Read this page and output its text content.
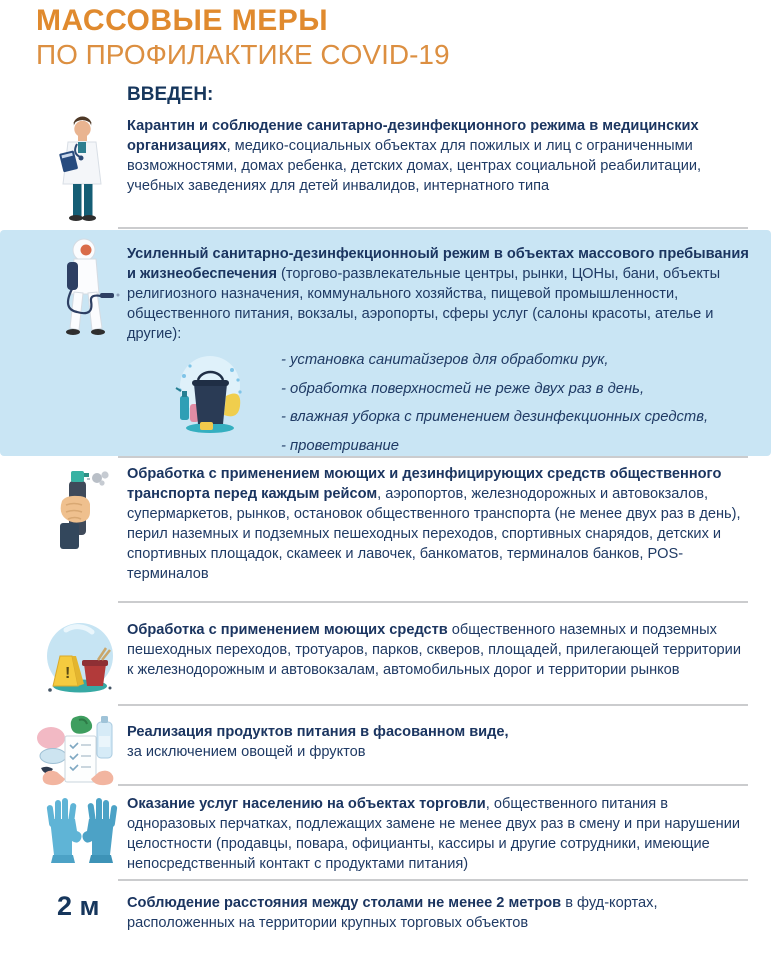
МАССОВЫЕ МЕРЫ
ПО ПРОФИЛАКТИКЕ COVID-19
ВВЕДЕН:
Карантин и соблюдение санитарно-дезинфекционного режима в медицинских организациях, медико-социальных объектах для пожилых и лиц с ограниченными возможностями, домах ребенка, детских домах, центрах социальной реабилитации, учебных заведениях для детей инвалидов, интернатного типа
Усиленный санитарно-дезинфекционноый режим в объектах массового пребывания и жизнеобеспечения (торгово-развлекательные центры, рынки, ЦОНы, бани, объекты религиозного назначения, коммунального хозяйства, пищевой промышленности, общественного питания, вокзалы, аэропорты, сферы услуг (салоны красоты, ателье и другие):
- установка санитайзеров для обработки рук,
- обработка поверхностей не реже двух раз в день,
- влажная уборка с применением дезинфекционных средств,
- проветривание
Обработка с применением моющих и дезинфицирующих средств общественного транспорта перед каждым рейсом, аэропортов, железнодорожных и автовокзалов, супермаркетов, рынков, остановок общественного транспорта (не менее двух раз в день), перил наземных и подземных пешеходных переходов, спортивных снарядов, детских и спортивных площадок, скамеек и лавочек, банкоматов, терминалов банков, POS-терминалов
!
Обработка с применением моющих средств общественного наземных и подземных пешеходных переходов, тротуаров, парков, скверов, площадей, прилегающей территории к железнодорожным и автовокзалам, автомобильных дорог и территории рынков
Реализация продуктов питания в фасованном виде,
за исключением овощей и фруктов
Оказание услуг населению на объектах торговли, общественного питания в одноразовых перчатках, подлежащих замене не менее двух раз в смену и при нарушении целостности (продавцы, повара, официанты, кассиры и другие сотрудники, имеющие непосредственный контакт с продуктами питания)
2 м Соблюдение расстояния между столами не менее 2 метров в фуд-кортах, расположенных на территории крупных торговых объектов
